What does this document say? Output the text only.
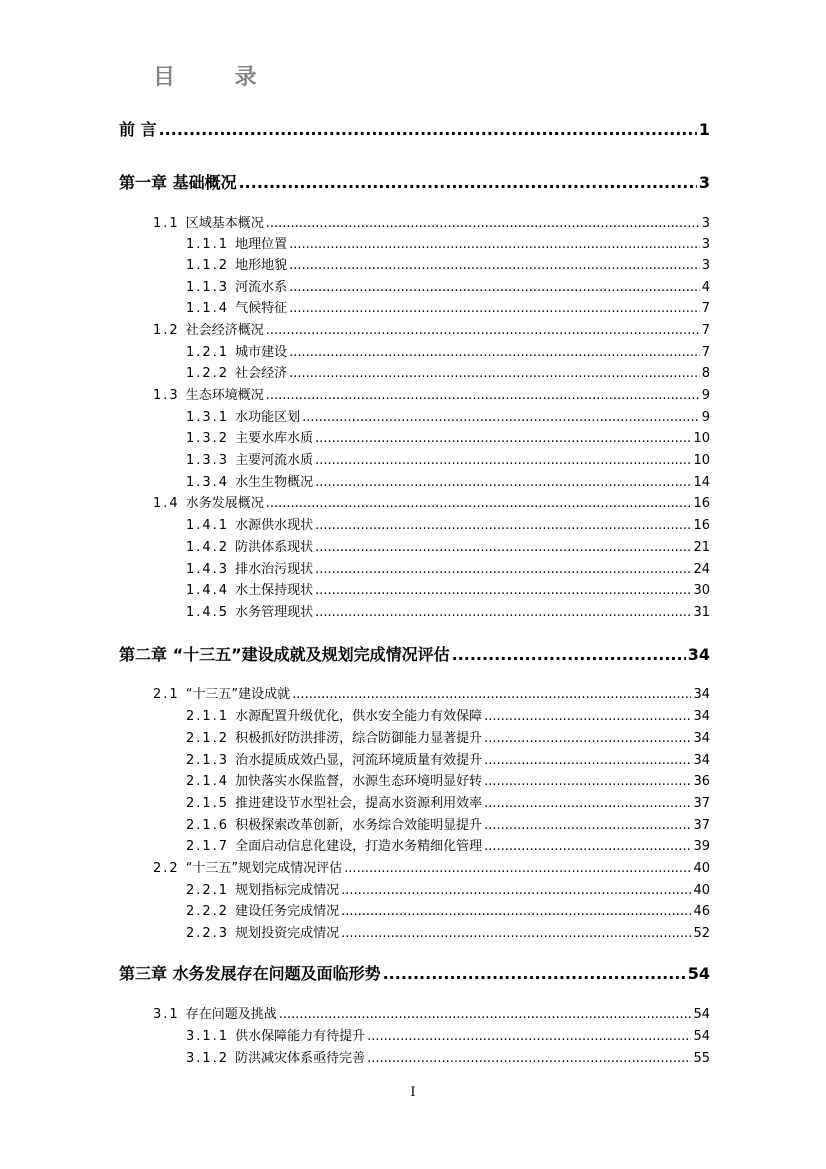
目 录
前 言 .....	1
第一章 基础概况 .....	3
1.1 区域基本概况 .....	3
1.1.1 地理位置 .....	3
1.1.2 地形地貌 .....	3
1.1.3 河流水系 .....	4
1.1.4 气候特征 .....	7
1.2 社会经济概况 .....	7
1.2.1 城市建设 .....	7
1.2.2 社会经济 .....	8
1.3 生态环境概况 .....	9
1.3.1 水功能区划 .....	9
1.3.2 主要水库水质 .....	10
1.3.3 主要河流水质 .....	10
1.3.4 水生生物概况 .....	14
1.4 水务发展概况 .....	16
1.4.1 水源供水现状 .....	16
1.4.2 防洪体系现状 .....	21
1.4.3 排水治污现状 .....	24
1.4.4 水土保持现状 .....	30
1.4.5 水务管理现状 .....	31
第二章 “十三五”建设成就及规划完成情况评估 .....	34
2.1 “十三五”建设成就 .....	34
2.1.1 水源配置升级优化，供水安全能力有效保障 .....	34
2.1.2 积极抓好防洪排涝，综合防御能力显著提升 .....	34
2.1.3 治水提质成效凸显，河流环境质量有效提升 .....	34
2.1.4 加快落实水保监督，水源生态环境明显好转 .....	36
2.1.5 推进建设节水型社会，提高水资源利用效率 .....	37
2.1.6 积极探索改革创新，水务综合效能明显提升 .....	37
2.1.7 全面启动信息化建设，打造水务精细化管理 .....	39
2.2 “十三五”规划完成情况评估 .....	40
2.2.1 规划指标完成情况 .....	40
2.2.2 建设任务完成情况 .....	46
2.2.3 规划投资完成情况 .....	52
第三章 水务发展存在问题及面临形势 .....	54
3.1 存在问题及挑战 .....	54
3.1.1 供水保障能力有待提升 .....	54
3.1.2 防洪减灾体系亟待完善 .....	55
I
